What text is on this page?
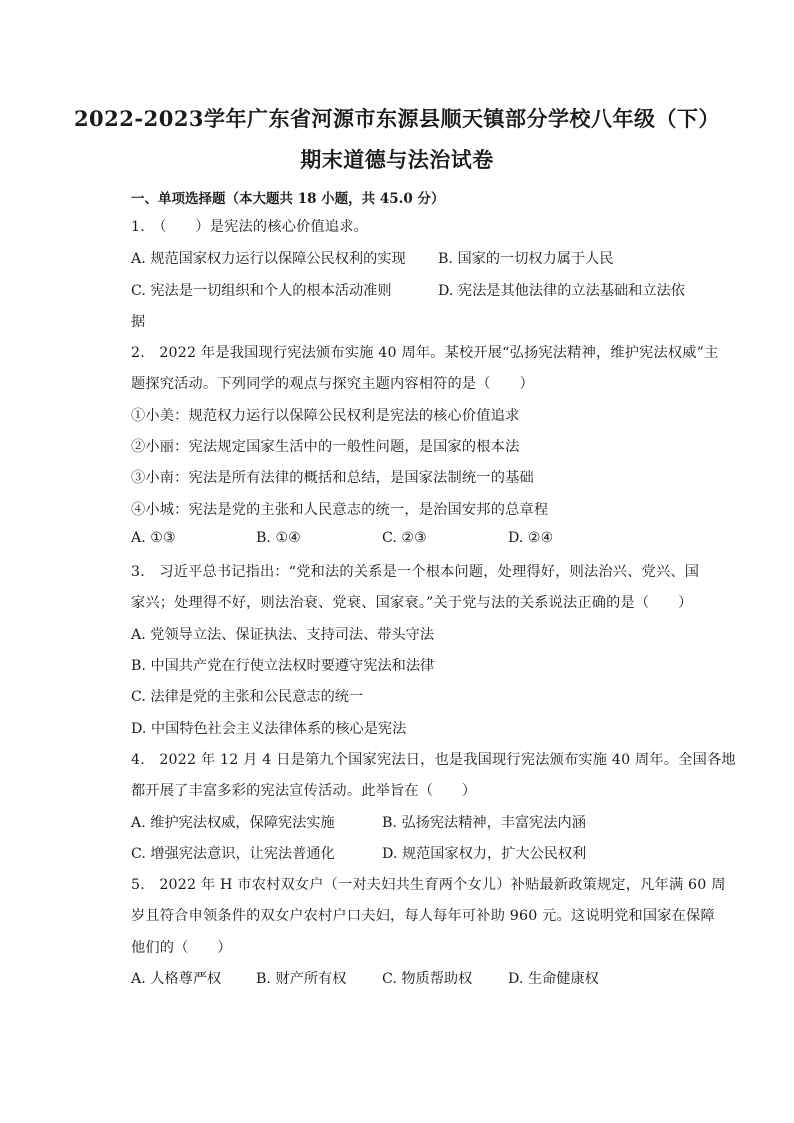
2022-2023学年广东省河源市东源县顺天镇部分学校八年级（下）
期末道德与法治试卷
一、单项选择题（本大题共 18 小题，共 45.0 分）
1.　（　　）是宪法的核心价值追求。
A. 规范国家权力运行以保障公民权利的实现 B. 国家的一切权力属于人民
C. 宪法是一切组织和个人的根本活动准则	D. 宪法是其他法律的立法基础和立法依
据
2.　2022 年是我国现行宪法颁布实施 40 周年。某校开展“弘扬宪法精神，维护宪法权威”主
题探究活动。下列同学的观点与探究主题内容相符的是（　　）
①小美：规范权力运行以保障公民权利是宪法的核心价值追求
②小丽：宪法规定国家生活中的一般性问题，是国家的根本法
③小南：宪法是所有法律的概括和总结，是国家法制统一的基础
④小城：宪法是党的主张和人民意志的统一，是治国安邦的总章程
A. ①③	B. ①④	C. ②③	D. ②④
3.　习近平总书记指出：“党和法的关系是一个根本问题，处理得好，则法治兴、党兴、国
家兴；处理得不好，则法治衰、党衰、国家衰。”关于党与法的关系说法正确的是（　　）
A. 党领导立法、保证执法、支持司法、带头守法
B. 中国共产党在行使立法权时要遵守宪法和法律
C. 法律是党的主张和公民意志的统一
D. 中国特色社会主义法律体系的核心是宪法
4.　2022 年 12 月 4 日是第九个国家宪法日，也是我国现行宪法颁布实施 40 周年。全国各地
都开展了丰富多彩的宪法宣传活动。此举旨在（　　）
A. 维护宪法权威，保障宪法实施	B. 弘扬宪法精神，丰富宪法内涵
C. 增强宪法意识，让宪法普通化	D. 规范国家权力，扩大公民权利
5.　2022 年 H 市农村双女户（一对夫妇共生育两个女儿）补贴最新政策规定，凡年满 60 周
岁且符合申领条件的双女户农村户口夫妇，每人每年可补助 960 元。这说明党和国家在保障
他们的（　　）
A. 人格尊严权 B. 财产所有权	C. 物质帮助权	D. 生命健康权
